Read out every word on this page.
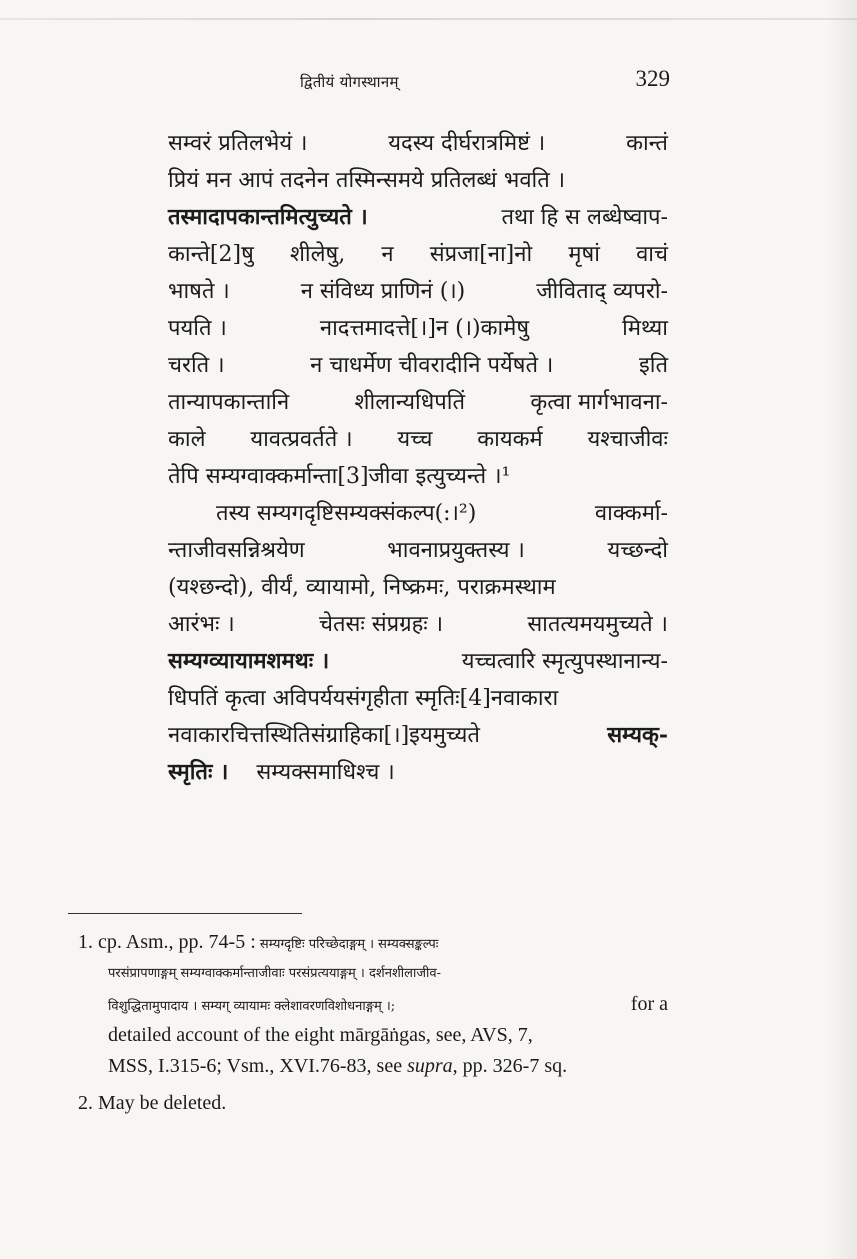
द्वितीयं योगस्थानम्	329
सम्वरं प्रतिलभेयं ।	यदस्य दीर्घरात्रमिष्टं ।	कान्तं
प्रियं मन आपं तदनेन तस्मिन्समये प्रतिलब्धं भवति ।
तस्मादापकान्तमित्युच्यते ।	तथा हि स लब्धेष्वाप-
कान्ते[2]षु शीलेषु, न संप्रजा[ना]नो मृषां वाचं
भाषते ।	न संविध्य प्राणिनं (।)	जीविताद् व्यपरो-
पयति ।	नादत्तमादत्ते[।]न (।)कामेषु	मिथ्या
चरति ।	न चाधर्मेण चीवरादीनि पर्येषते ।	इति
तान्यापकान्तानि	शीलान्यधिपतिं	कृत्वा मार्गभावना-
काले यावत्प्रवर्तते । यच्च कायकर्म यश्चाजीवः
तेपि सम्यग्वाक्कर्मान्ता[3]जीवा इत्युच्यन्ते ।¹
तस्य सम्यगदृष्टिसम्यक्संकल्प(:।²)	वाक्कर्मा-
न्ताजीवसन्निश्रयेण	भावनाप्रयुक्तस्य ।	यच्छन्दो
(यश्छन्दो), वीर्यं, व्यायामो, निष्क्रमः, पराक्रमस्थाम
आरंभः ।	चेतसः संप्रग्रहः ।	सातत्यमयमुच्यते ।
सम्यग्व्यायामशमथः ।	यच्चत्वारि स्मृत्युपस्थानान्य-
धिपतिं कृत्वा अविपर्ययसंगृहीता स्मृतिः[4]नवाकारा
नवाकारचित्तस्थितिसंग्राहिका[।]इयमुच्यते	सम्यक्-
स्मृतिः । सम्यक्समाधिश्च ।
1. cp. Asm., pp. 74-5 : सम्यग्दृष्टिः परिच्छेदाङ्गम् । सम्यक्सङ्कल्पः
परसंप्रापणाङ्गम् सम्यग्वाक्कर्मान्ताजीवाः परसंप्रत्ययाङ्गम् । दर्शनशीलाजीव-
विशुद्धितामुपादाय । सम्यग् व्यायामः क्लेशावरणविशोधनाङ्गम् ।;	for a
detailed account of the eight mārgāṅgas, see, AVS, 7,
MSS, I.315-6; Vsm., XVI.76-83, see supra, pp. 326-7 sq.
2. May be deleted.
